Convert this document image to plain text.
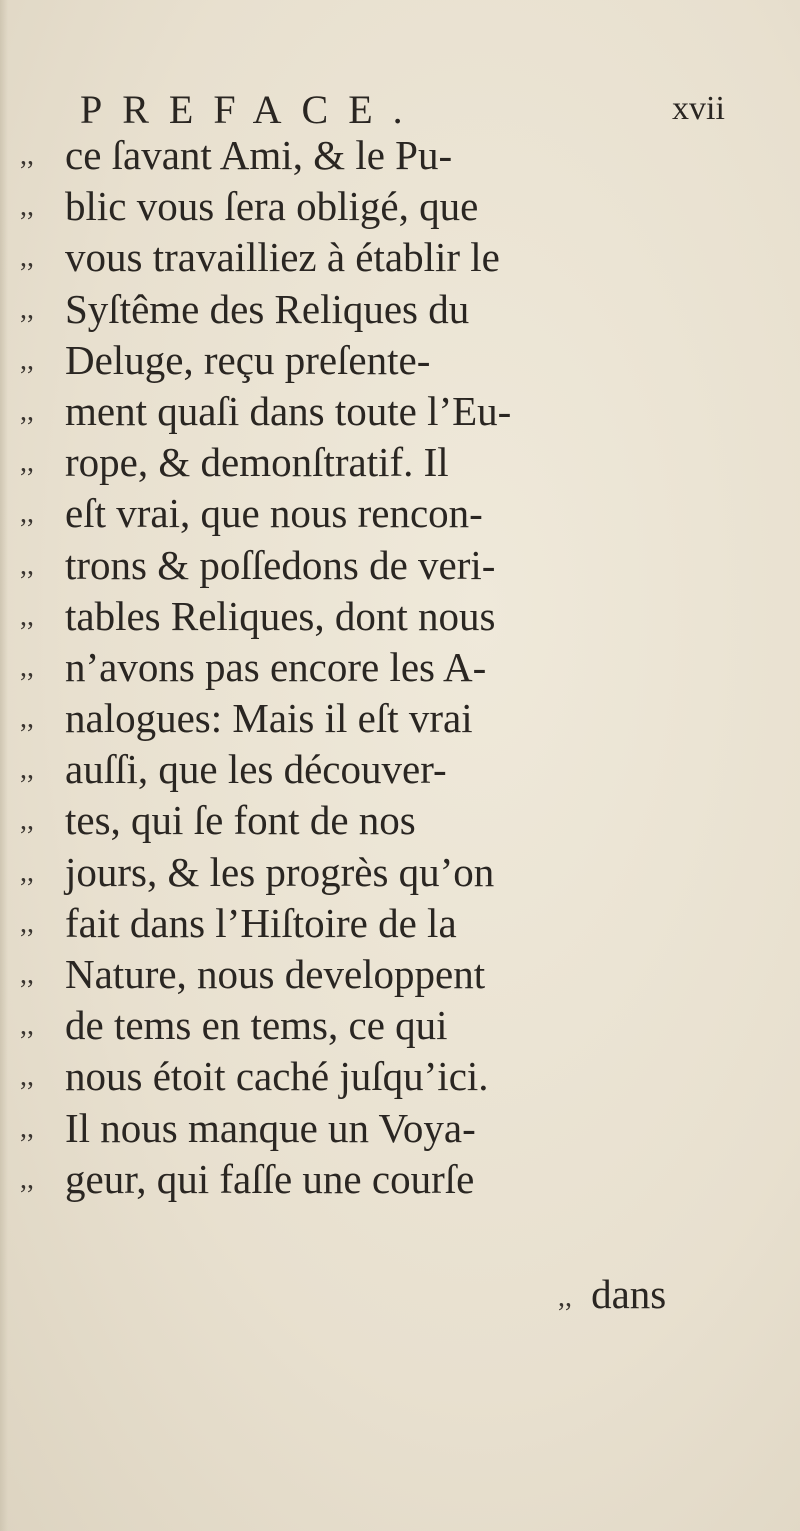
PREFACE.	xvii
,, ce ſavant Ami, & le Pu-
,, blic vous ſera obligé, que
,, vous travailliez à établir le
,, Syſtême des Reliques du
,, Deluge, reçu preſente-
,, ment quaſi dans toute l’Eu-
,, rope, & demonſtratif. Il
,, eſt vrai, que nous rencon-
,, trons & poſſedons de veri-
,, tables Reliques, dont nous
,, n’avons pas encore les A-
,, nalogues: Mais il eſt vrai
,, auſſi, que les découver-
,, tes, qui ſe font de nos
,, jours, & les progrès qu’on
,, fait dans l’Hiſtoire de la
,, Nature, nous developpent
,, de tems en tems, ce qui
,, nous étoit caché juſqu’ici.
,, Il nous manque un Voya-
,, geur, qui faſſe une courſe
,, dans
